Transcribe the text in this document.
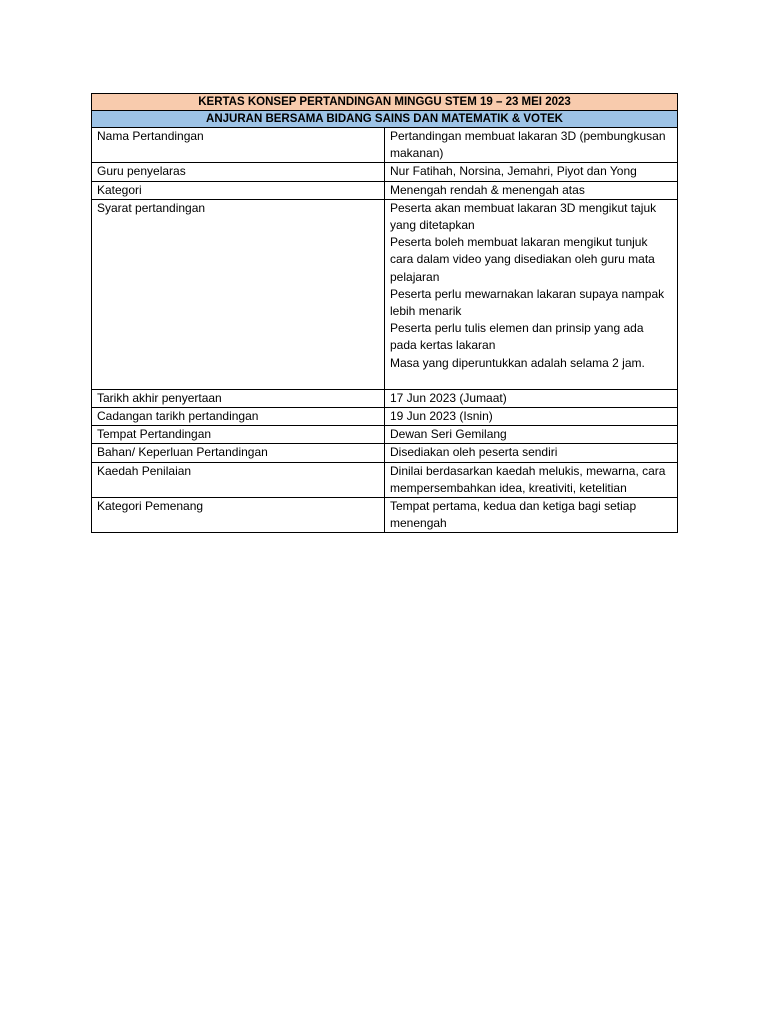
KERTAS KONSEP PERTANDINGAN MINGGU STEM 19 – 23 MEI 2023	
ANJURAN BERSAMA BIDANG SAINS DAN MATEMATIK & VOTEK	
Nama Pertandingan	Pertandingan membuat lakaran 3D (pembungkusan makanan)
Guru penyelaras	Nur Fatihah, Norsina, Jemahri, Piyot dan Yong
Kategori	Menengah rendah & menengah atas
Syarat pertandingan	Peserta akan membuat lakaran 3D mengikut tajuk yang ditetapkan
Peserta boleh membuat lakaran mengikut tunjuk cara dalam video yang disediakan oleh guru mata pelajaran
Peserta perlu mewarnakan lakaran supaya nampak lebih menarik
Peserta perlu tulis elemen dan prinsip yang ada pada kertas lakaran
Masa yang diperuntukkan adalah selama 2 jam.

Tarikh akhir penyertaan	17 Jun 2023 (Jumaat)
Cadangan tarikh pertandingan	19 Jun 2023 (Isnin)
Tempat Pertandingan	Dewan Seri Gemilang
Bahan/ Keperluan Pertandingan	Disediakan oleh peserta sendiri
Kaedah Penilaian	Dinilai berdasarkan kaedah melukis, mewarna, cara mempersembahkan idea, kreativiti, ketelitian
Kategori Pemenang	Tempat pertama, kedua dan ketiga bagi setiap menengah
